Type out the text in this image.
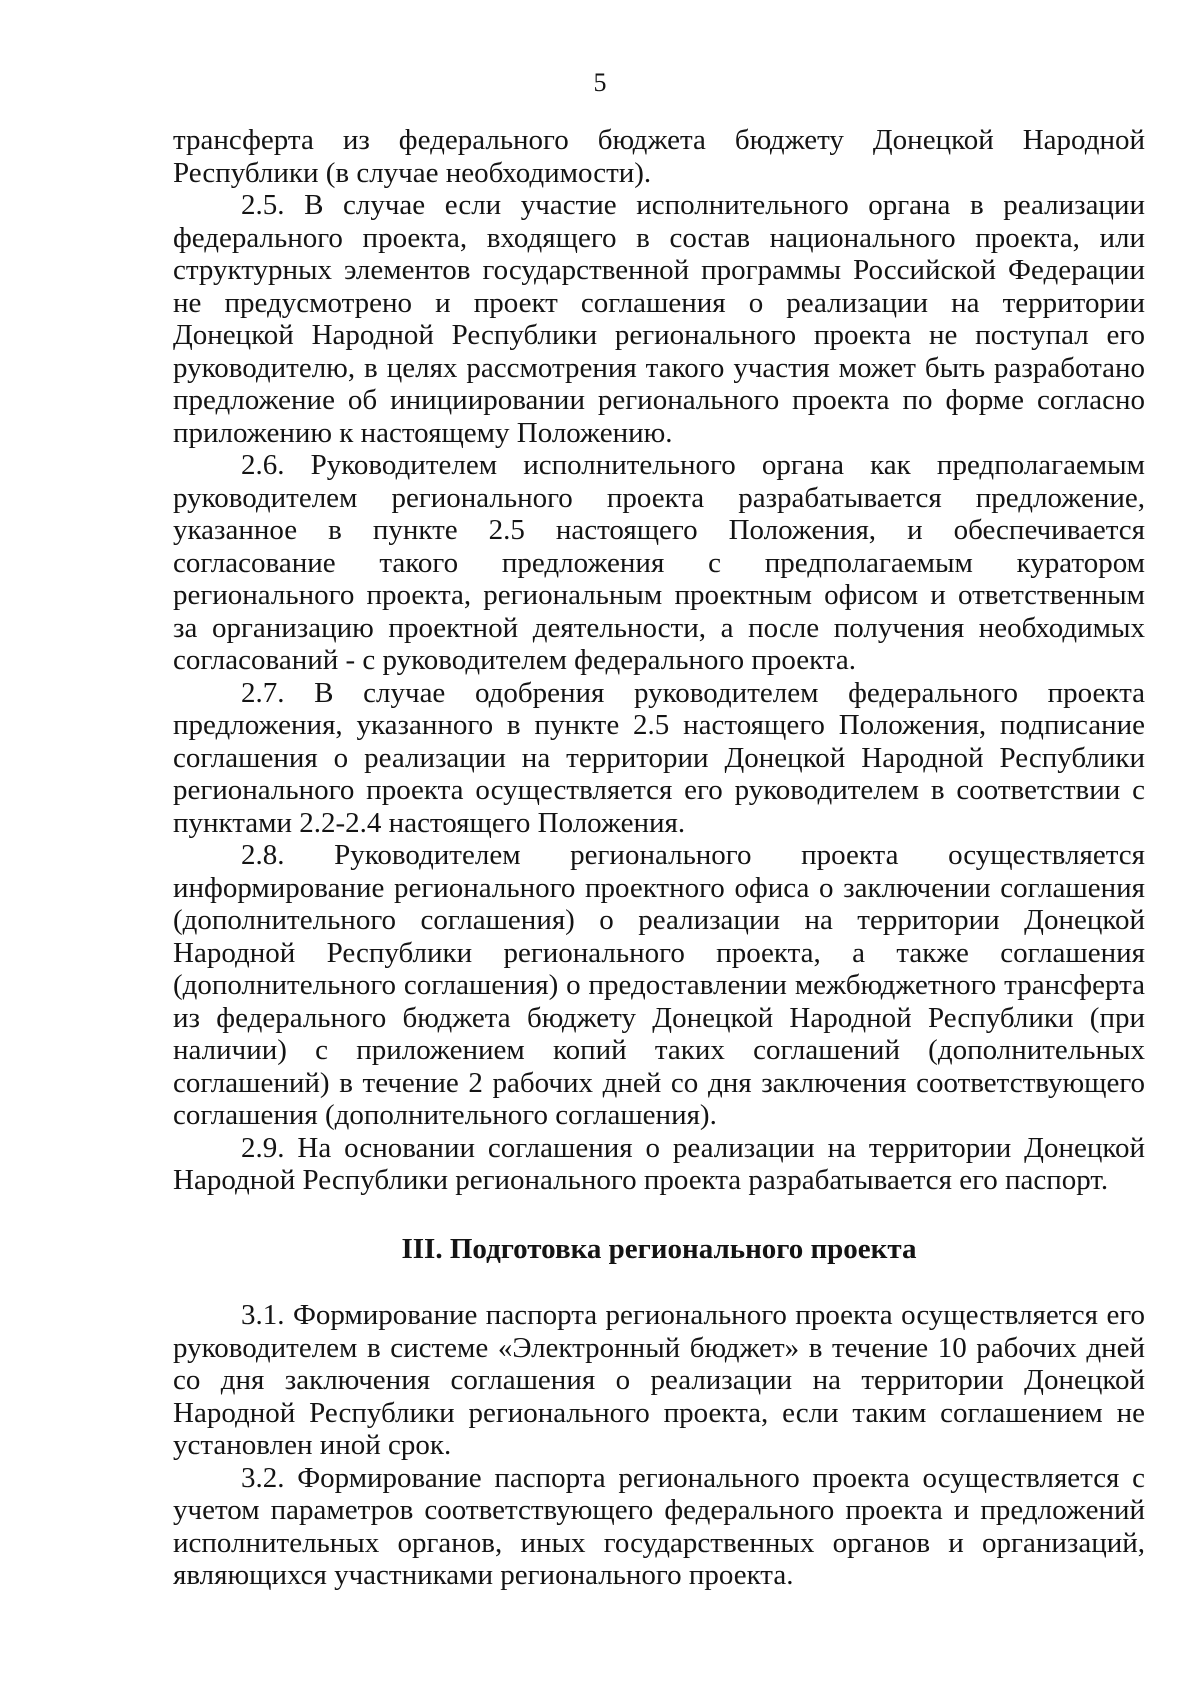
5

трансферта из федерального бюджета бюджету Донецкой Народной Республики (в случае необходимости).

2.5. В случае если участие исполнительного органа в реализации федерального проекта, входящего в состав национального проекта, или структурных элементов государственной программы Российской Федерации не предусмотрено и проект соглашения о реализации на территории Донецкой Народной Республики регионального проекта не поступал его руководителю, в целях рассмотрения такого участия может быть разработано предложение об инициировании регионального проекта по форме согласно приложению к настоящему Положению.

2.6. Руководителем исполнительного органа как предполагаемым руководителем регионального проекта разрабатывается предложение, указанное в пункте 2.5 настоящего Положения, и обеспечивается согласование такого предложения с предполагаемым куратором регионального проекта, региональным проектным офисом и ответственным за организацию проектной деятельности, а после получения необходимых согласований - с руководителем федерального проекта.

2.7. В случае одобрения руководителем федерального проекта предложения, указанного в пункте 2.5 настоящего Положения, подписание соглашения о реализации на территории Донецкой Народной Республики регионального проекта осуществляется его руководителем в соответствии с пунктами 2.2-2.4 настоящего Положения.

2.8. Руководителем регионального проекта осуществляется информирование регионального проектного офиса о заключении соглашения (дополнительного соглашения) о реализации на территории Донецкой Народной Республики регионального проекта, а также соглашения (дополнительного соглашения) о предоставлении межбюджетного трансферта из федерального бюджета бюджету Донецкой Народной Республики (при наличии) с приложением копий таких соглашений (дополнительных соглашений) в течение 2 рабочих дней со дня заключения соответствующего соглашения (дополнительного соглашения).

2.9. На основании соглашения о реализации на территории Донецкой Народной Республики регионального проекта разрабатывается его паспорт.

III. Подготовка регионального проекта

3.1. Формирование паспорта регионального проекта осуществляется его руководителем в системе «Электронный бюджет» в течение 10 рабочих дней со дня заключения соглашения о реализации на территории Донецкой Народной Республики регионального проекта, если таким соглашением не установлен иной срок.

3.2. Формирование паспорта регионального проекта осуществляется с учетом параметров соответствующего федерального проекта и предложений исполнительных органов, иных государственных органов и организаций, являющихся участниками регионального проекта.
